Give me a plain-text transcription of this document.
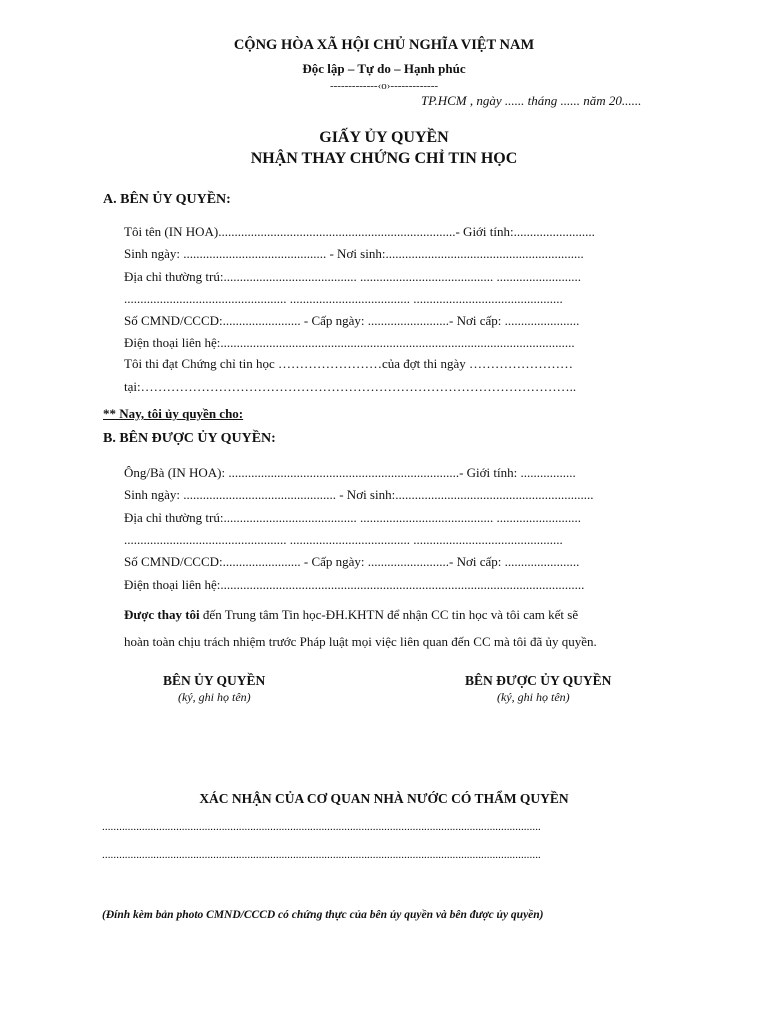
CỘNG HÒA XÃ HỘI CHỦ NGHĨA VIỆT NAM
Độc lập – Tự do – Hạnh phúc
-------------‹o›-------------
TP.HCM , ngày ...... tháng ...... năm 20......
GIẤY ỦY QUYỀN
NHẬN THAY CHỨNG CHỈ TIN HỌC
A. BÊN ỦY QUYỀN:
Tôi tên (IN HOA).........................................................................- Giới tính:.........................
Sinh ngày: ............................................ - Nơi sinh:.............................................................
Địa chỉ thường trú:......................................... ......................................... ..........................
.................................................. ..................................... ..............................................
Số CMND/CCCD:........................ - Cấp ngày: .........................- Nơi cấp: .......................
Điện thoại liên hệ:.............................................................................................................
Tôi thi đạt Chứng chỉ tin học ……………………của đợt thi ngày ……………………
tại:………………………………………………………………………………………..
** Nay, tôi ủy quyền cho:
B. BÊN ĐƯỢC ỦY QUYỀN:
Ông/Bà (IN HOA): .......................................................................- Giới tính: .................
Sinh ngày: ............................................... - Nơi sinh:.............................................................
Địa chỉ thường trú:......................................... ......................................... ..........................
.................................................. ..................................... ..............................................
Số CMND/CCCD:........................ - Cấp ngày: .........................- Nơi cấp: .......................
Điện thoại liên hệ:................................................................................................................
Được thay tôi đến Trung tâm Tin học-ĐH.KHTN để nhận CC tin học và tôi cam kết sẽ
hoàn toàn chịu trách nhiệm trước Pháp luật mọi việc liên quan đến CC mà tôi đã ủy quyền.
BÊN ỦY QUYỀN
(ký, ghi họ tên)
BÊN ĐƯỢC ỦY QUYỀN
(ký, ghi họ tên)
XÁC NHẬN CỦA CƠ QUAN NHÀ NƯỚC CÓ THẨM QUYỀN
..........................................................................................................................................................
..........................................................................................................................................................
(Đính kèm bản photo CMND/CCCD có chứng thực của bên ủy quyền và bên được ủy quyền)
